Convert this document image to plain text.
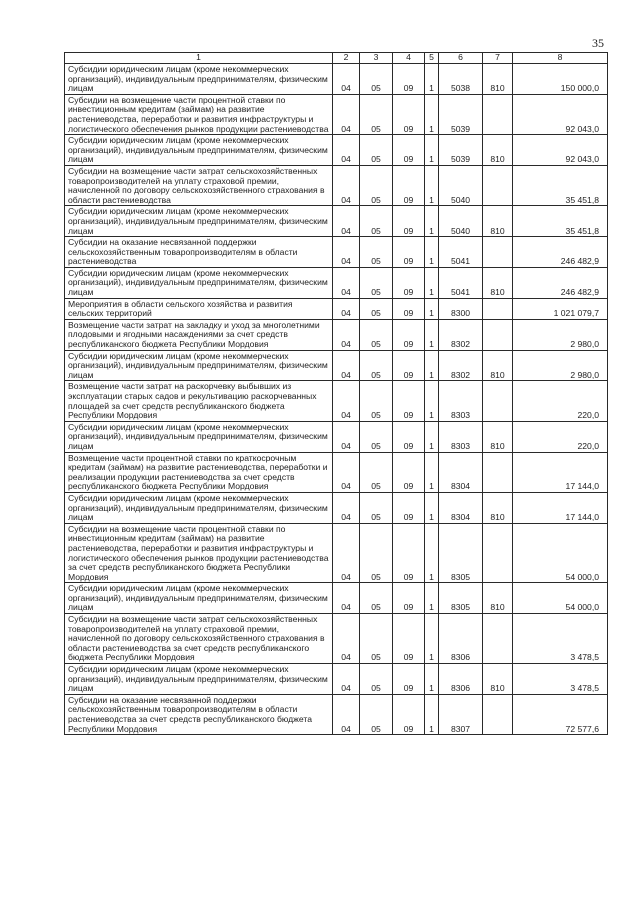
35
1	2	3	4	5	6	7	8
Субсидии юридическим лицам (кроме некоммерческих организаций), индивидуальным предпринимателям, физическим лицам	04	05	09	1	5038	810	150 000,0
Субсидии на возмещение части процентной ставки по инвестиционным кредитам (займам) на развитие растениеводства, переработки и развития инфраструктуры и логистического обеспечения рынков продукции растениеводства	04	05	09	1	5039		92 043,0
Субсидии юридическим лицам (кроме некоммерческих организаций), индивидуальным предпринимателям, физическим лицам	04	05	09	1	5039	810	92 043,0
Субсидии на возмещение части затрат сельскохозяйственных товаропроизводителей на уплату страховой премии, начисленной по договору сельскохозяйственного страхования в области растениеводства	04	05	09	1	5040		35 451,8
Субсидии юридическим лицам (кроме некоммерческих организаций), индивидуальным предпринимателям, физическим лицам	04	05	09	1	5040	810	35 451,8
Субсидии на оказание несвязанной поддержки сельскохозяйственным товаропроизводителям в области растениеводства	04	05	09	1	5041		246 482,9
Субсидии юридическим лицам (кроме некоммерческих организаций), индивидуальным предпринимателям, физическим лицам	04	05	09	1	5041	810	246 482,9
Мероприятия в области сельского хозяйства и развития сельских территорий	04	05	09	1	8300		1 021 079,7
Возмещение части затрат на закладку и уход за многолетними плодовыми и ягодными насаждениями за счет средств республиканского бюджета Республики Мордовия	04	05	09	1	8302		2 980,0
Субсидии юридическим лицам (кроме некоммерческих организаций), индивидуальным предпринимателям, физическим лицам	04	05	09	1	8302	810	2 980,0
Возмещение части затрат на раскорчевку выбывших из эксплуатации старых садов и рекультивацию раскорчеванных площадей за счет средств республиканского бюджета Республики Мордовия	04	05	09	1	8303		220,0
Субсидии юридическим лицам (кроме некоммерческих организаций), индивидуальным предпринимателям, физическим лицам	04	05	09	1	8303	810	220,0
Возмещение части процентной ставки по краткосрочным кредитам (займам) на развитие растениеводства, переработки и реализации продукции растениеводства за счет средств республиканского бюджета Республики Мордовия	04	05	09	1	8304		17 144,0
Субсидии юридическим лицам (кроме некоммерческих организаций), индивидуальным предпринимателям, физическим лицам	04	05	09	1	8304	810	17 144,0
Субсидии на возмещение части процентной ставки по инвестиционным кредитам (займам) на развитие растениеводства, переработки и развития инфраструктуры и логистического обеспечения рынков продукции растениеводства за счет средств республиканского бюджета Республики Мордовия	04	05	09	1	8305		54 000,0
Субсидии юридическим лицам (кроме некоммерческих организаций), индивидуальным предпринимателям, физическим лицам	04	05	09	1	8305	810	54 000,0
Субсидии на возмещение части затрат сельскохозяйственных товаропроизводителей на уплату страховой премии, начисленной по договору сельскохозяйственного страхования в области растениеводства за счет средств республиканского бюджета Республики Мордовия	04	05	09	1	8306		3 478,5
Субсидии юридическим лицам (кроме некоммерческих организаций), индивидуальным предпринимателям, физическим лицам	04	05	09	1	8306	810	3 478,5
Субсидии на оказание несвязанной поддержки сельскохозяйственным товаропроизводителям в области растениеводства за счет средств республиканского бюджета Республики Мордовия	04	05	09	1	8307		72 577,6
